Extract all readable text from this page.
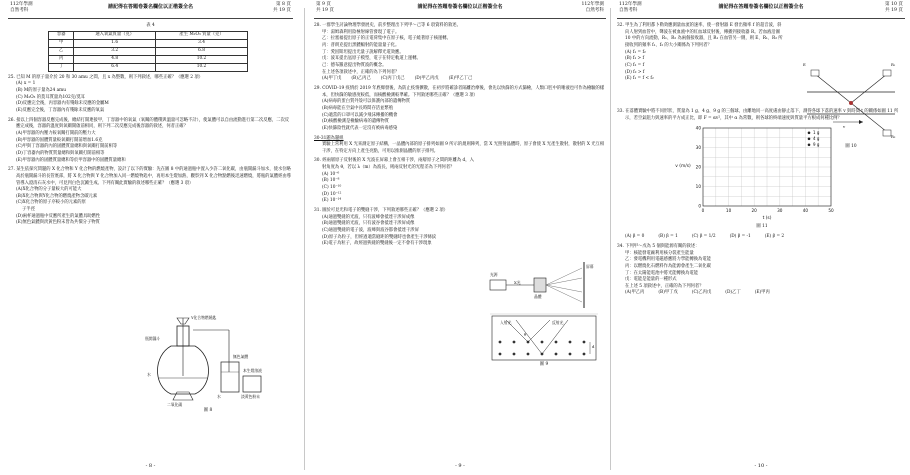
112年學測
自然考科
請記得在答題卷簽名欄位以正楷簽全名	第 8 頁
共 19 頁
表 4
容器	通入氧氣質量（克）	產生 M₂O₃ 質量（克）
甲	1.6	3.4
乙	3.2	6.8
丙	4.8	10.2
丁	6.4	10.2
25. 已知 M 的原子量介於 20 和 30 amu 之間，且 x 為整數，則下列敘述，哪些正確？（應選 2 項）
(A) x = 1
(B) M的原子量為24 amu
(C) M₂O₃ 的莫耳質量為102克/莫耳
(D)反應完全後，丙容器內有殘餘未反應的金屬M
(E)反應完全後，丁容器內有殘餘未反應的氧氣
26. 接以上四個容器反應完成後，總結打開連接甲，丁容器中的氧氣（氧關的體積與溫量可忽略不計），使氣體可以自由流動進行第二次反應，二次反應完成後，容器的溫度與氧關開啟前相同，則下列二次反應完成後容器的敘述，何者正確？
(A)甲容器的內壓力較氧關打開前的壓力大
(B)甲容器的固體質量較氧關打開前增加1.6克
(C)甲與丁容器的內的固體質量總和與氧關打開前相等
(D)丁容器內的物質質量總和與氧關打開前相等
(E)甲容器內的固體質量總和等於甲容器中的固體質量總和
27. 某生依探究問題的 X 化合物和 Y 化合物的燃燒產物，設計了以下的實驗：先在圖 8 中的通過瓶中置入少許二氧化碳，由瓶開漏斗加水，使水位略高於瓶開漏斗的長管底部，將 X 化合物與 Y 化合物加入同一燃燒物匙中，再用本生燈加熱，觀察到 X 化合物點燃後迅速燃燒，將瓶的氣體經由導管導入澄清石灰水中，可見到白色沉澱生成。下列有關此實驗的敘述哪些正確？（應選 3 項）
(A)X化合物的分子量較大的可能大
(B)X化合物與Y化合物的燃燒產物含碳元素
(C)X化合物的原子序較小的元素的原
子半徑
(D)兩杯通過瓶中反應所產生的氣體具助燃性
(E)無色氣體與淡黃色粉末皆為共價分子物質
瓶開漏斗
Y化合物燃燒匙
水
二氧化碳
水	淡黃色粉末
無色氣體
本生燈溶液
圖 8
- 8 -
第 9 頁
共 19 頁
請記得在答題卷簽名欄位以正楷簽全名	112年學測
自然考科
28. 一群學生討論物理學發展史，前步整理出下列甲～己等 6 項資料的敘述。
甲：湯姆森利用陰極射線管發現了電子。
乙：拉塞福提出原子的正電荷集中在原子核，電子繞著原子核運轉。
丙：普朗克提出黑體輻射的能量量子化。
丁：愛因斯坦提出光量子說解釋光電效應。
戊：波耳提出氫原子模型，電子在特定軌道上運轉。
己：德布羅意提出物質波的概念。
在上述各項敘述中，正確的為下列何者？
(A)甲丁戊 (B)乙丙己 (C)丙丁戊己 (D)甲乙丙戊 (E)甲乙丁己
29. COVID-19 疫情於 2019 年底爆發後，為防止疫情擴散，在初步將確診者隔離治療後，會先以快篩的方式篩檢，人類口腔中的唾液也可作為檢驗的樣本，但快篩的敏感度較低，而核酸檢測較準確。下列敘述哪些正確？（應選 3 項）
(A)病毒的蛋白質外殼可以保護內部的遺傳物質
(B)病毒能在空氣中長時間存活並繁殖
(C)適當的口罩可以減少飛沫傳播的機會
(D)核酸檢測是檢驗病毒的遺傳物質
(E)快篩陰性就代表一定沒有被病毒感染
30-31題為題組
實驗上常利用 X 光來測定原子結構，一晶體內部的原子排列如圖 9 所示的規則陣列，當 X 光照射晶體時，原子會使 X 光產生散射，散射的 X 光互相干涉，在特定方向上產生亮點，可用以推測晶體的原子排列。
30. 經兩層原子反射後的 X 光波在屏幕上會互相干涉，兩層原子之間的距離為 d，入射角度為 θ，若以 λ（m）為波長，則兩反射光的光程差為下列何者？
(A) 10⁻⁶
(B) 10⁻⁸
(C) 10⁻¹⁰
(D) 10⁻¹²
(E) 10⁻¹⁴
31. 圖於可見光和電子的雙縫干涉，下列敘述哪些正確？（應選 2 項）
(A)通過雙縫的光波，只有波峰會抵達干涉屏成像
(B)通過雙縫的光波，只有波谷會抵達干涉屏成像
(C)通過雙縫的電子波，波峰與波谷都會抵達干涉屏
(D)原子為粒子，但經過適當縫距的雙縫時也會產生干涉條紋
(E)電子為粒子，故經過狹縫的雙縫後一定不會有干涉現象
光源
晶體
屏幕
入射光	反射光
X光
d
θ
圖 9
- 9 -
112年學測
自然考科
請記得在答題卷簽名欄位以正楷簽全名	第 10 頁
共 19 頁
32. 甲生為了利用都卜勒效應測量血流的速率，使一發射器 E 發出頻率 f 的超音波，斜向人射到血管中，聲波在被血液中的紅血球反射後，傳播到接收器 R。若血液沿圖 10 中的方向流動，R₁、R₂ 為兩個接收器，且 R₁ 在血管另一側，則 E、R₁、R₂ 所接收到的頻率 f₁、f₂ 的大小關係為下列何者？
(A) f₁ = f₂
(B) f₁ > f
(C) f₂ = f
(D) f₂ > f
(E) f₁ = f < f₂
E	R₁
R₂
v
圖 10
33. 在落體實驗中將不同形狀、質量為 1 g、4 g、9 g 的三個球，由離地同一高度處由靜止落下，測得各球下落的速率 v 與時間 t 的關係如圖 11 所示，若空氣阻力與速率的平方成正比，即 F = αv²，其中 α 為常數，則各球的終端速度與質量平方根成何種比例？
0	10	20	30	40	50
0
10
20
30
40
t (s)
v (m/s)
1 g
4 g
9 g
圖 11
(A) β = 0	(B) β = 1	(C) β = 1/2	(D) β = -1	(E) β = 2
34. 下列甲～戊為 5 個與能源有關的敘述：
甲：核能發電廠利用核分裂產生能量
乙：發電機利用電磁感應將力學能轉換為電能
丙：以燃燒化石燃料作為能源會產生二氧化碳
丁：在太陽能電池中將光能轉換為電能
戊：電能是能量的一種形式
在上述 5 項敘述中，正確的為下列何者？
(A)甲乙丙	(B)甲丁戊	(C)乙丙戊	(D)乙丁	(E)甲丙
- 10 -
